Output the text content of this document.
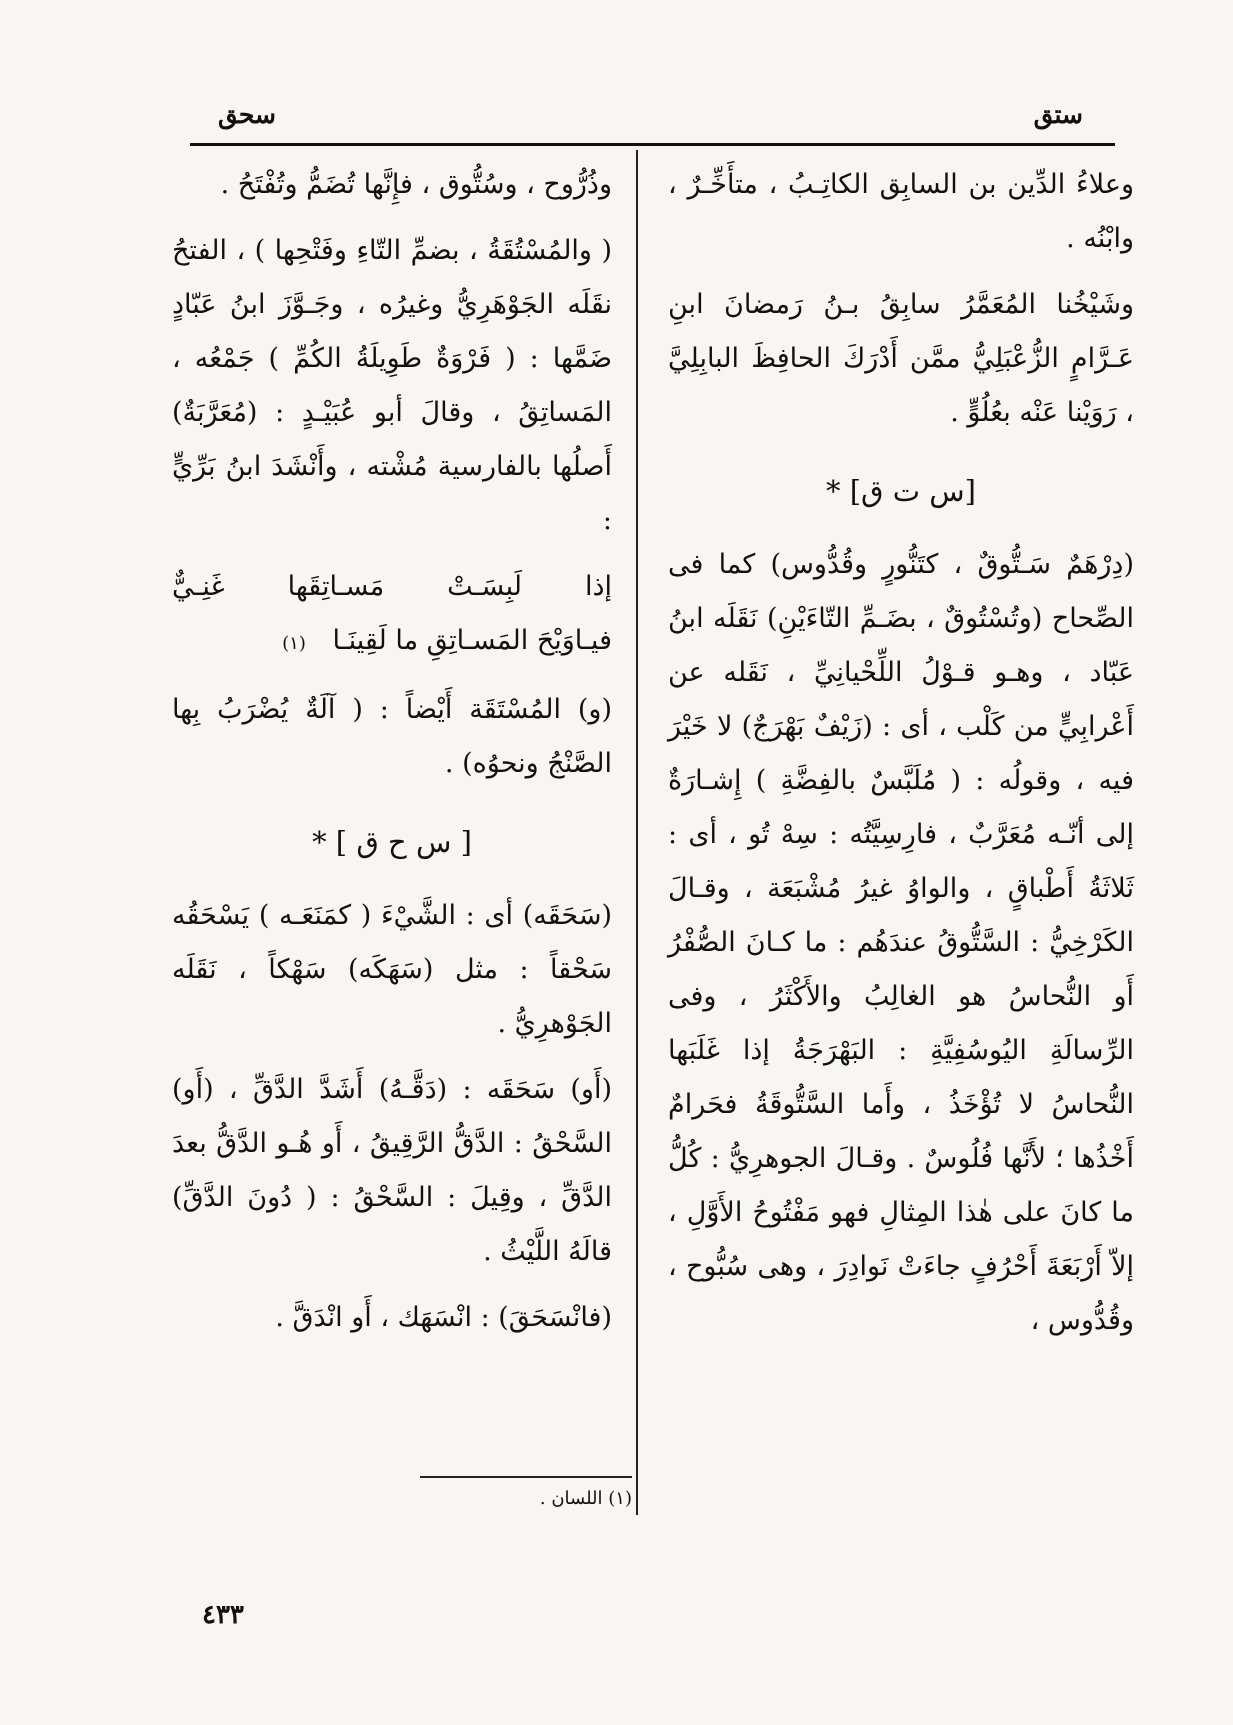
ستق
سحق

وعلاءُ الدِّين بن السابِق الكاتِـبُ ، متأَخِّـرٌ ، وابْنُه .

وشَيْخُنا المُعَمَّرُ سابِقُ بـنُ رَمضانَ ابنِ عَـرَّامٍ الزُّعْبَلِيُّ ممَّن أَدْرَكَ الحافِظَ البابِلِيَّ ، رَوَيْنا عَنْه بعُلُوٍّ .

[س ت ق] *

(دِرْهَمٌ سَـتُّوقٌ ، كتَنُّورٍ وقُدُّوس) كما فى الصِّحاح (وتُسْتُوقٌ ، بضَـمِّ التّاءَيْنِ) نَقَلَه ابنُ عَبّاد ، وهـو قـوْلُ اللِّحْيانِيِّ ، نَقَله عن أَعْرابِيٍّ من كَلْب ، أى : (زَيْفٌ بَهْرَجٌ) لا خَيْرَ فيه ، وقولُه : ( مُلَبَّسٌ بالفِضَّةِ ) إِشـارَةٌ إلى أنّـه مُعَرَّبٌ ، فارِسِيَّتُه : سِهْ تُو ، أى : ثَلاثَةُ أَطْباقٍ ، والواوُ غيرُ مُشْبَعَة ، وقـالَ الكَرْخِيُّ : السَّتُّوقُ عندَهُم : ما كـانَ الصُّفْرُ أَو النُّحاسُ هو الغالِبُ والأَكْثَرُ ، وفى الرِّسالَةِ اليُوسُفِيَّةِ : البَهْرَجَةُ إذا غَلَبَها النُّحاسُ لا تُؤْخَذُ ، وأَما السَّتُّوقَةُ فحَرامٌ أَخْذُها ؛ لأَنَّها فُلُوسٌ . وقـالَ الجوهرِيُّ : كُلُّ ما كانَ على هٰذا المِثالِ فهو مَفْتُوحُ الأَوَّلِ ، إلاّ أَرْبَعَةَ أَحْرُفٍ جاءَتْ نَوادِرَ ، وهى سُبُّوح ، وقُدُّوس ،

وذُرُّوح ، وسُتُّوق ، فإِنَّها تُضَمُّ وتُفْتَحُ .

( والمُسْتُقَةُ ، بضمِّ التّاءِ وفَتْحِها ) ، الفتحُ نقَلَه الجَوْهَرِيُّ وغيرُه ، وجَـوَّزَ ابنُ عَبّادٍ ضَمَّها : ( فَرْوَةٌ طَوِيلَةُ الكُمِّ ) جَمْعُه ، المَساتِقُ ، وقالَ أبو عُبَيْـدٍ : (مُعَرَّبَةٌ) أَصلُها بالفارسية مُشْته ، وأَنْشَدَ ابنُ بَرِّيٍّ :

إذا لَبِسَـتْ مَسـاتِقَها غَنِـيٌّ
فيـاوَيْحَ المَسـاتِقِ ما لَقِينَـا (١)

(و) المُسْتَقَة أَيْضاً : ( آلَةٌ يُضْرَبُ بِها الصَّنْجُ ونحوُه) .

[ س ح ق ] *

(سَحَقَه) أى : الشَّيْءَ ( كمَنَعَـه ) يَسْحَقُه سَحْقاً : مثل (سَهَكَه) سَهْكاً ، نَقَلَه الجَوْهرِيُّ .

(أَو) سَحَقَه : (دَقَّـهُ) أَشَدَّ الدَّقِّ ، (أَو) السَّحْقُ : الدَّقُّ الرَّقِيقُ ، أَو هُـو الدَّقُّ بعدَ الدَّقِّ ، وقِيلَ : السَّحْقُ : ( دُونَ الدَّقِّ) قالَهُ اللَّيْثُ .

(فانْسَحَقَ) : انْسَهَك ، أَو انْدَقَّ .

(١) اللسان .
٤٣٣
